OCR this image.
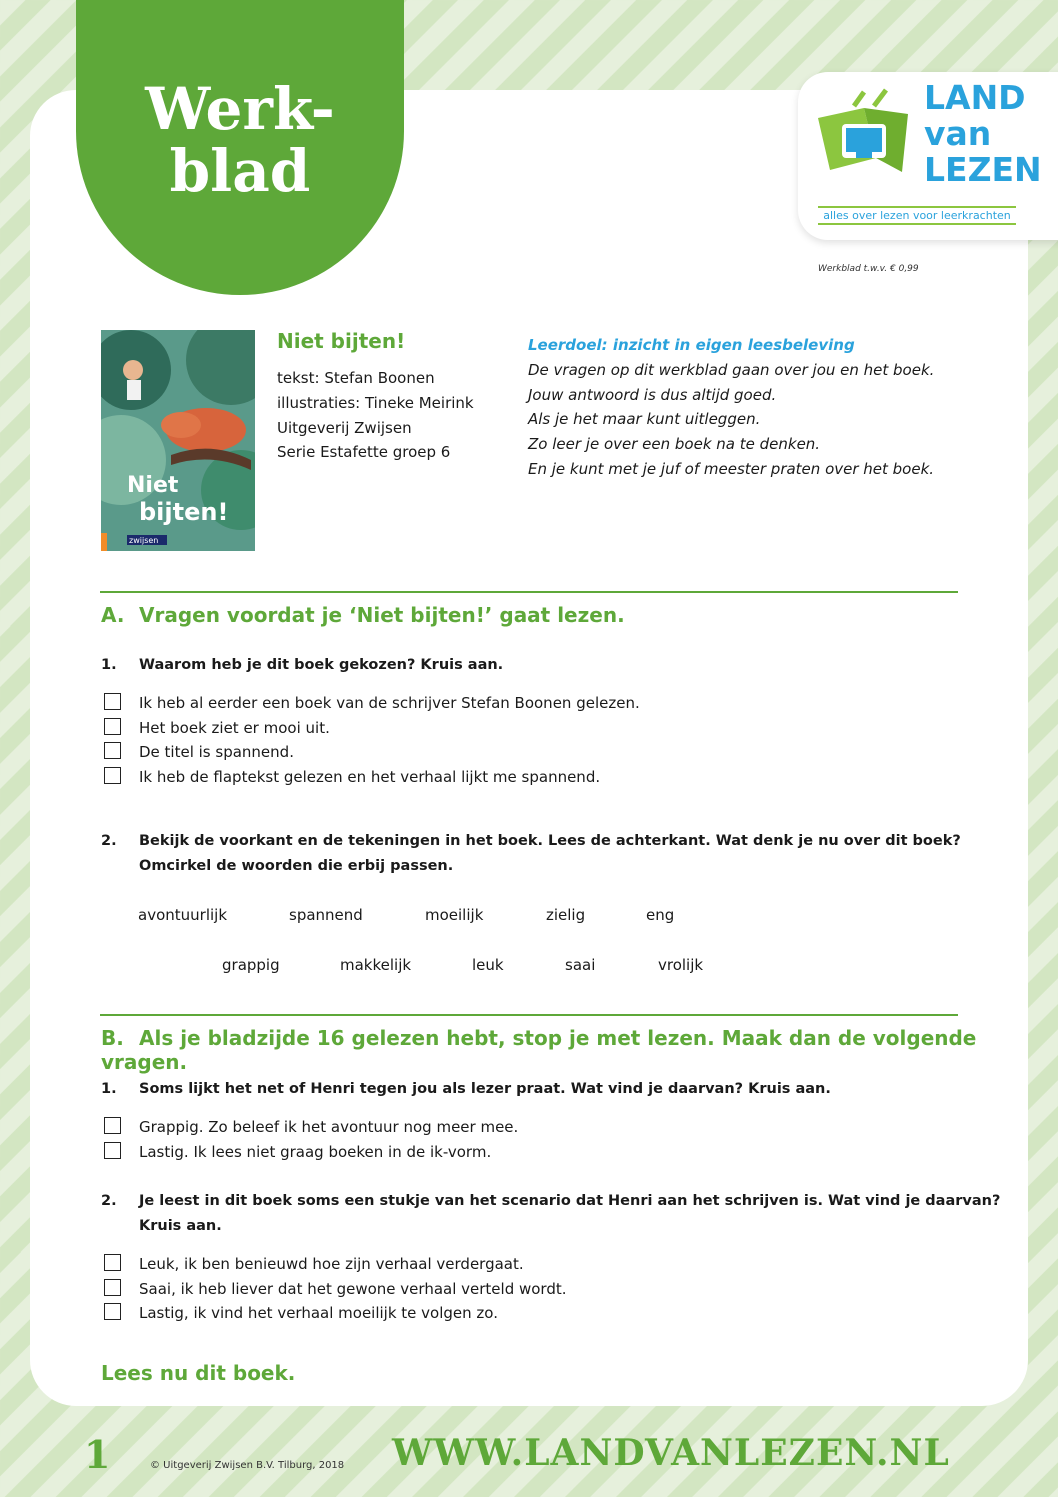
Werk-
blad
LAND
van
LEZEN
alles over lezen voor leerkrachten
Werkblad t.w.v. € 0,99
Niet
bijten!
zwijsen
Niet bijten!
tekst: Stefan Boonen
illustraties: Tineke Meirink
Uitgeverij Zwijsen
Serie Estafette groep 6
Leerdoel: inzicht in eigen leesbeleving
De vragen op dit werkblad gaan over jou en het boek.
Jouw antwoord is dus altijd goed.
Als je het maar kunt uitleggen.
Zo leer je over een boek na te denken.
En je kunt met je juf of meester praten over het boek.
A. Vragen voordat je ‘Niet bijten!’ gaat lezen.
1. Waarom heb je dit boek gekozen? Kruis aan.
Ik heb al eerder een boek van de schrijver Stefan Boonen gelezen.
Het boek ziet er mooi uit.
De titel is spannend.
Ik heb de flaptekst gelezen en het verhaal lijkt me spannend.
2. Bekijk de voorkant en de tekeningen in het boek. Lees de achterkant. Wat denk je nu over dit boek?
Omcirkel de woorden die erbij passen.
avontuurlijk	spannend	moeilijk	zielig	eng
grappig	makkelijk	leuk	saai	vrolijk
B. Als je bladzijde 16 gelezen hebt, stop je met lezen. Maak dan de volgende vragen.
1. Soms lijkt het net of Henri tegen jou als lezer praat. Wat vind je daarvan? Kruis aan.
Grappig. Zo beleef ik het avontuur nog meer mee.
Lastig. Ik lees niet graag boeken in de ik-vorm.
2. Je leest in dit boek soms een stukje van het scenario dat Henri aan het schrijven is. Wat vind je daarvan?
Kruis aan.
Leuk, ik ben benieuwd hoe zijn verhaal verdergaat.
Saai, ik heb liever dat het gewone verhaal verteld wordt.
Lastig, ik vind het verhaal moeilijk te volgen zo.
Lees nu dit boek.
1	© Uitgeverij Zwijsen B.V. Tilburg, 2018 WWW.LANDVANLEZEN.NL
